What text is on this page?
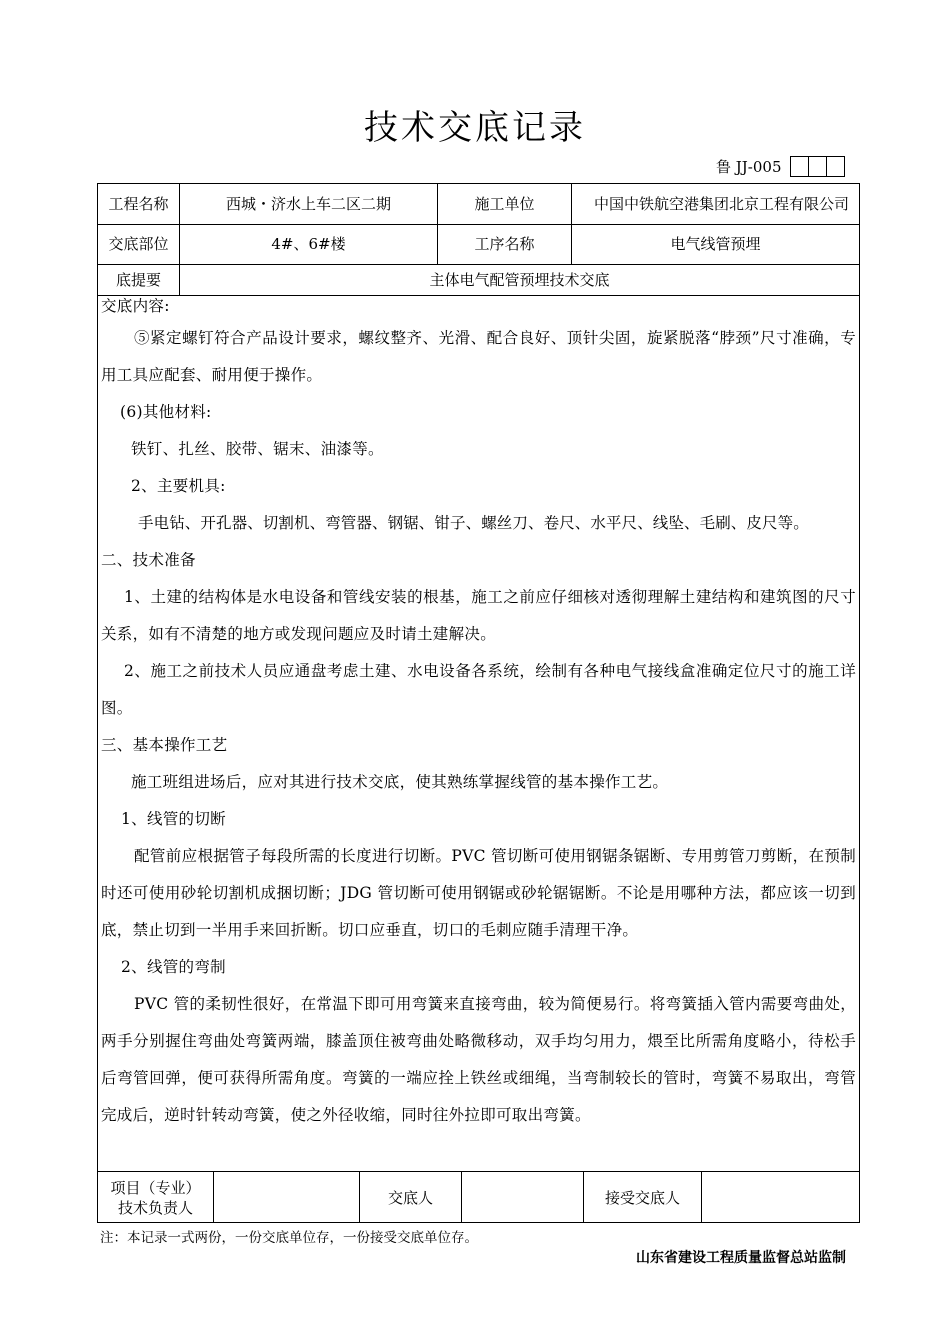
技术交底记录
鲁 JJ-005
工程名称	西城・济水上车二区二期	施工单位	中国中铁航空港集团北京工程有限公司
交底部位	4#、6#楼	工序名称	电气线管预埋
底提要	主体电气配管预埋技术交底

交底内容:

⑤紧定螺钉符合产品设计要求，螺纹整齐、光滑、配合良好、顶针尖固，旋紧脱落“脖颈”尺寸准确，专用工具应配套、耐用便于操作。

(6)其他材料:

铁钉、扎丝、胶带、锯末、油漆等。

2、主要机具:

手电钻、开孔器、切割机、弯管器、钢锯、钳子、螺丝刀、卷尺、水平尺、线坠、毛刷、皮尺等。

二、技术准备

1、土建的结构体是水电设备和管线安装的根基，施工之前应仔细核对透彻理解土建结构和建筑图的尺寸关系，如有不清楚的地方或发现问题应及时请土建解决。

2、施工之前技术人员应通盘考虑土建、水电设备各系统，绘制有各种电气接线盒准确定位尺寸的施工详图。

三、基本操作工艺

施工班组进场后，应对其进行技术交底，使其熟练掌握线管的基本操作工艺。

1、线管的切断

配管前应根据管子每段所需的长度进行切断。PVC 管切断可使用钢锯条锯断、专用剪管刀剪断，在预制时还可使用砂轮切割机成捆切断；JDG 管切断可使用钢锯或砂轮锯锯断。不论是用哪种方法，都应该一切到底，禁止切到一半用手来回折断。切口应垂直，切口的毛刺应随手清理干净。

2、线管的弯制

PVC 管的柔韧性很好，在常温下即可用弯簧来直接弯曲，较为简便易行。将弯簧插入管内需要弯曲处，两手分别握住弯曲处弯簧两端，膝盖顶住被弯曲处略微移动，双手均匀用力，煨至比所需角度略小，待松手后弯管回弹，便可获得所需角度。弯簧的一端应拴上铁丝或细绳，当弯制较长的管时，弯簧不易取出，弯管完成后，逆时针转动弯簧，使之外径收缩，同时往外拉即可取出弯簧。

项目（专业）
技术负责人
交底人	接受交底人
注：本记录一式两份，一份交底单位存，一份接受交底单位存。
山东省建设工程质量监督总站监制
